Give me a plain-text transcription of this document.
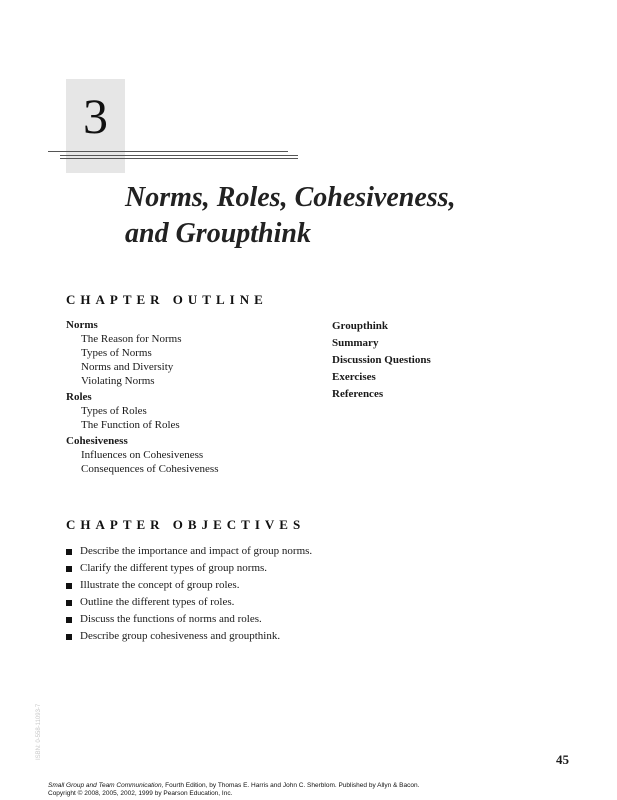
3
Norms, Roles, Cohesiveness,
and Groupthink
CHAPTER OUTLINE
Norms
The Reason for Norms
Types of Norms
Norms and Diversity
Violating Norms
Roles
Types of Roles
The Function of Roles
Cohesiveness
Influences on Cohesiveness
Consequences of Cohesiveness
Groupthink
Summary
Discussion Questions
Exercises
References
CHAPTER OBJECTIVES
Describe the importance and impact of group norms.
Clarify the different types of group norms.
Illustrate the concept of group roles.
Outline the different types of roles.
Discuss the functions of norms and roles.
Describe group cohesiveness and groupthink.
ISBN: 0-558-11093-7	45
Small Group and Team Communication, Fourth Edition, by Thomas E. Harris and John C. Sherblom. Published by Allyn & Bacon.
Copyright © 2008, 2005, 2002, 1999 by Pearson Education, Inc.
